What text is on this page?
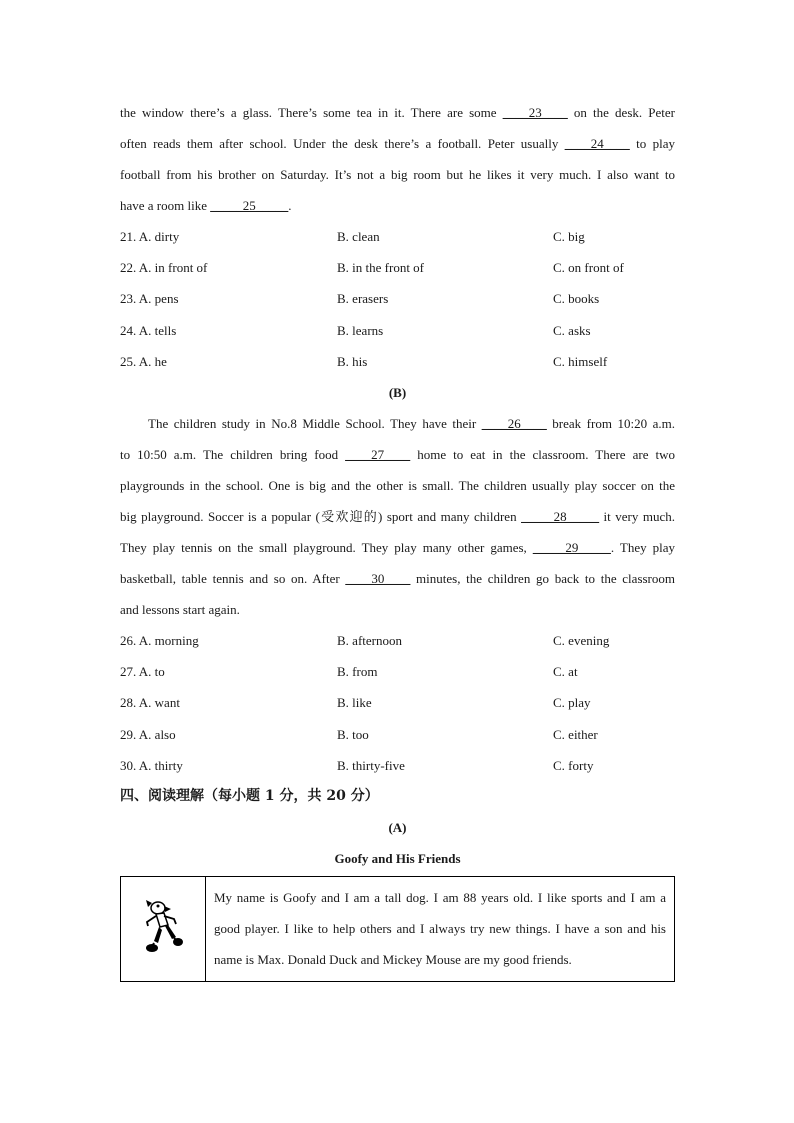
the window there’s a glass. There’s some tea in it. There are some ____23____ on the desk. Peter
often reads them after school. Under the desk there’s a football. Peter usually ____24____ to play
football from his brother on Saturday. It’s not a big room but he likes it very much. I also want to
have a room like _____25_____.
21. A. dirty	B. clean	C. big
22. A. in front of	B. in the front of	C. on front of
23. A. pens	B. erasers	C. books
24. A. tells	B. learns	C. asks
25. A. he	B. his	C. himself
(B)
The children study in No.8 Middle School. They have their ____26____ break from 10:20 a.m.
to 10:50 a.m. The children bring food ____27____ home to eat in the classroom. There are two
playgrounds in the school. One is big and the other is small. The children usually play soccer on the
big playground. Soccer is a popular (受欢迎的) sport and many children _____28_____ it very much.
They play tennis on the small playground. They play many other games, _____29_____. They play
basketball, table tennis and so on. After ____30____ minutes, the children go back to the classroom
and lessons start again.
26. A. morning	B. afternoon	C. evening
27. A. to	B. from	C. at
28. A. want	B. like	C. play
29. A. also	B. too	C. either
30. A. thirty	B. thirty-five	C. forty
四、阅读理解（每小题 1 分，共 20 分）
(A)
Goofy and His Friends
My name is Goofy and I am a tall dog. I am 88 years old. I like sports and I am a
good player. I like to help others and I always try new things. I have a son and his
name is Max. Donald Duck and Mickey Mouse are my good friends.
